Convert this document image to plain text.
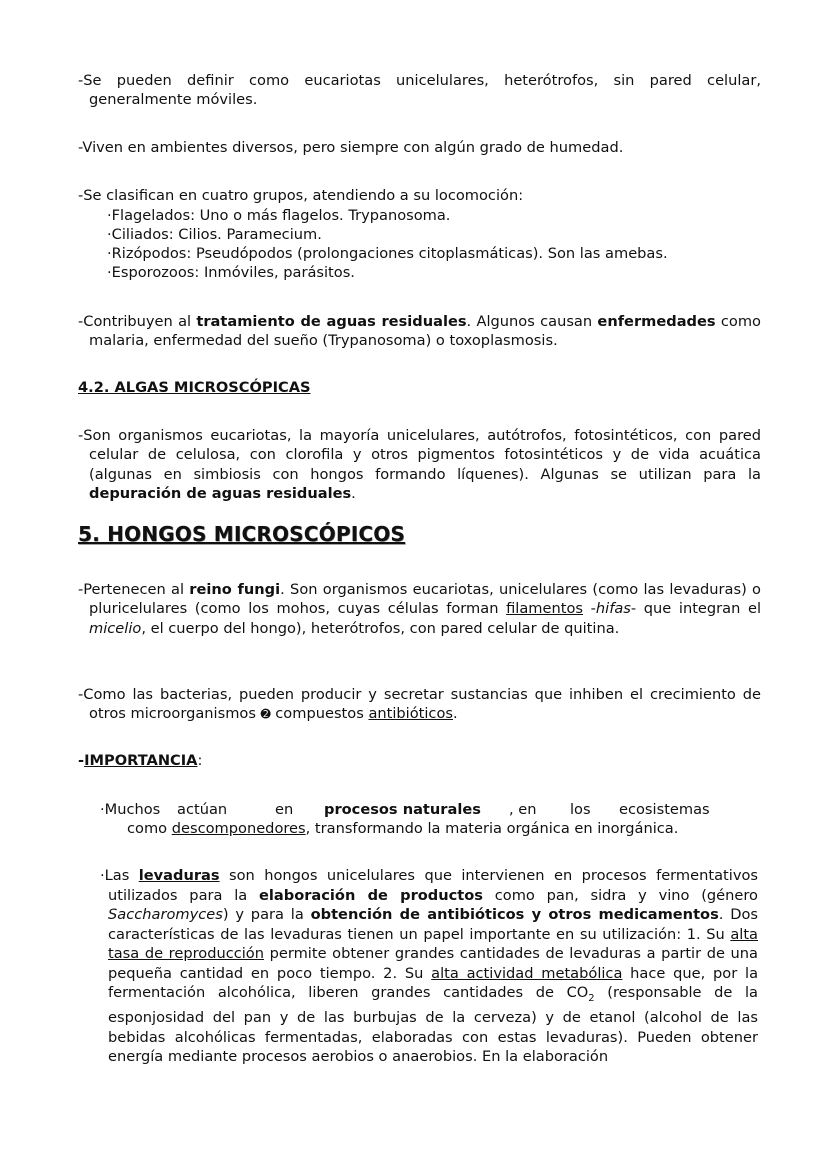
-Se pueden definir como eucariotas unicelulares, heterótrofos, sin pared celular, generalmente móviles.

-Viven en ambientes diversos, pero siempre con algún grado de humedad.

-Se clasifican en cuatro grupos, atendiendo a su locomoción:

·Flagelados: Uno o más flagelos. Trypanosoma.

·Ciliados: Cilios. Paramecium.

·Rizópodos: Pseudópodos (prolongaciones citoplasmáticas). Son las amebas.

·Esporozoos: Inmóviles, parásitos.

-Contribuyen al tratamiento de aguas residuales. Algunos causan enfermedades como malaria, enfermedad del sueño (Trypanosoma) o toxoplasmosis.

4.2. ALGAS MICROSCÓPICAS

-Son organismos eucariotas, la mayoría unicelulares, autótrofos, fotosintéticos, con pared celular de celulosa, con clorofila y otros pigmentos fotosintéticos y de vida acuática (algunas en simbiosis con hongos formando líquenes). Algunas se utilizan para la depuración de aguas residuales.

5. HONGOS MICROSCÓPICOS

-Pertenecen al reino fungi. Son organismos eucariotas, unicelulares (como las levaduras) o pluricelulares (como los mohos, cuyas células forman filamentos -hifas- que integran el micelio, el cuerpo del hongo), heterótrofos, con pared celular de quitina.

-Como las bacterias, pueden producir y secretar sustancias que inhiben el crecimiento de otros microorganismos ➋ compuestos antibióticos.

-IMPORTANCIA:

·Muchos actúan	en procesos naturales , en los ecosistemas

como descomponedores, transformando la materia orgánica en inorgánica.

·Las levaduras son hongos unicelulares que intervienen en procesos fermentativos utilizados para la elaboración de productos como pan, sidra y vino (género Saccharomyces) y para la obtención de antibióticos y otros medicamentos. Dos características de las levaduras tienen un papel importante en su utilización: 1. Su alta tasa de reproducción permite obtener grandes cantidades de levaduras a partir de una pequeña cantidad en poco tiempo. 2. Su alta actividad metabólica hace que, por la fermentación alcohólica, liberen grandes cantidades de $CO_2$ (responsable de la esponjosidad del pan y de las burbujas de la cerveza) y de etanol (alcohol de las bebidas alcohólicas fermentadas, elaboradas con estas levaduras). Pueden obtener energía mediante procesos aerobios o anaerobios. En la elaboración
